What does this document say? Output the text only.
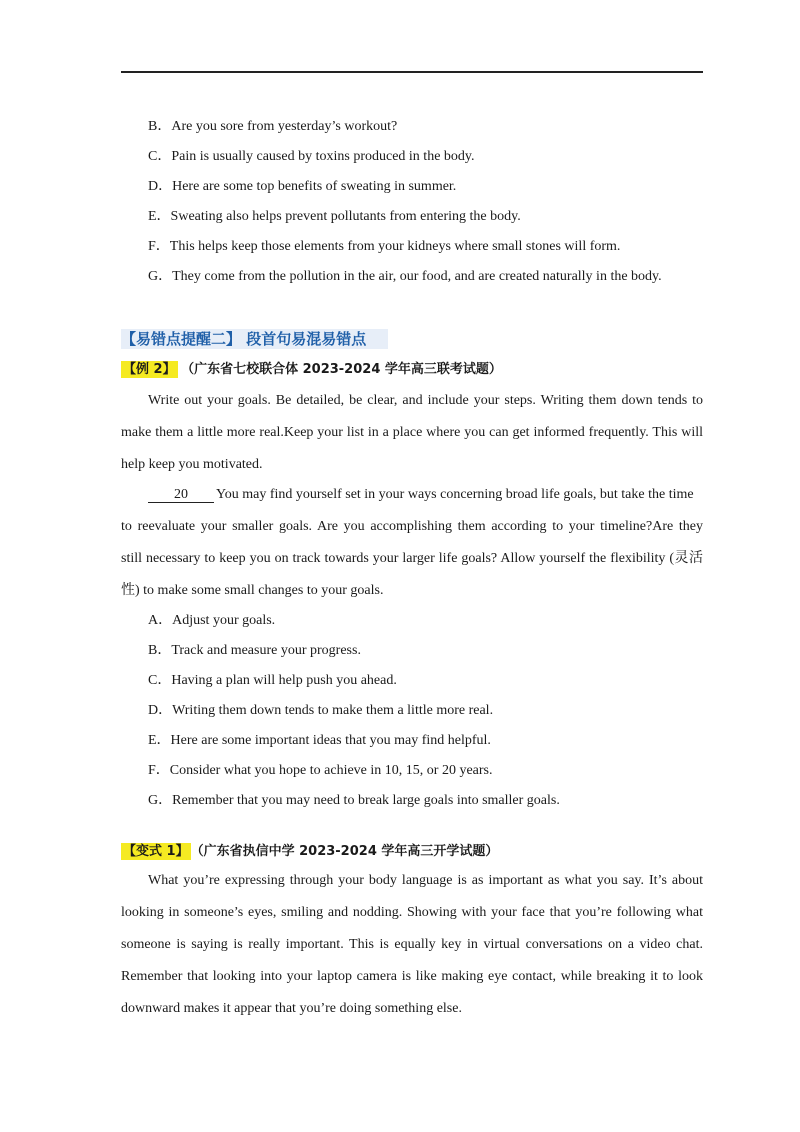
B．Are you sore from yesterday’s workout?
C．Pain is usually caused by toxins produced in the body.
D．Here are some top benefits of sweating in summer.
E．Sweating also helps prevent pollutants from entering the body.
F．This helps keep those elements from your kidneys where small stones will form.
G．They come from the pollution in the air, our food, and are created naturally in the body.
【易错点提醒二】 段首句易混易错点
【例 2】 （广东省七校联合体 2023-2024 学年高三联考试题）
Write out your goals. Be detailed, be clear, and include your steps. Writing them down tends to
make them a little more real.Keep your list in a place where you can get informed frequently. This will
help keep you motivated.
20 You may find yourself set in your ways concerning broad life goals, but take the time
to reevaluate your smaller goals. Are you accomplishing them according to your timeline?Are they
still necessary to keep you on track towards your larger life goals? Allow yourself the flexibility (灵活
性) to make some small changes to your goals.
A．Adjust your goals.
B．Track and measure your progress.
C．Having a plan will help push you ahead.
D．Writing them down tends to make them a little more real.
E．Here are some important ideas that you may find helpful.
F．Consider what you hope to achieve in 10, 15, or 20 years.
G．Remember that you may need to break large goals into smaller goals.
【变式 1】 （广东省执信中学 2023-2024 学年高三开学试题）
What you’re expressing through your body language is as important as what you say. It’s about
looking in someone’s eyes, smiling and nodding. Showing with your face that you’re following what
someone is saying is really important. This is equally key in virtual conversations on a video chat.
Remember that looking into your laptop camera is like making eye contact, while breaking it to look
downward makes it appear that you’re doing something else.
